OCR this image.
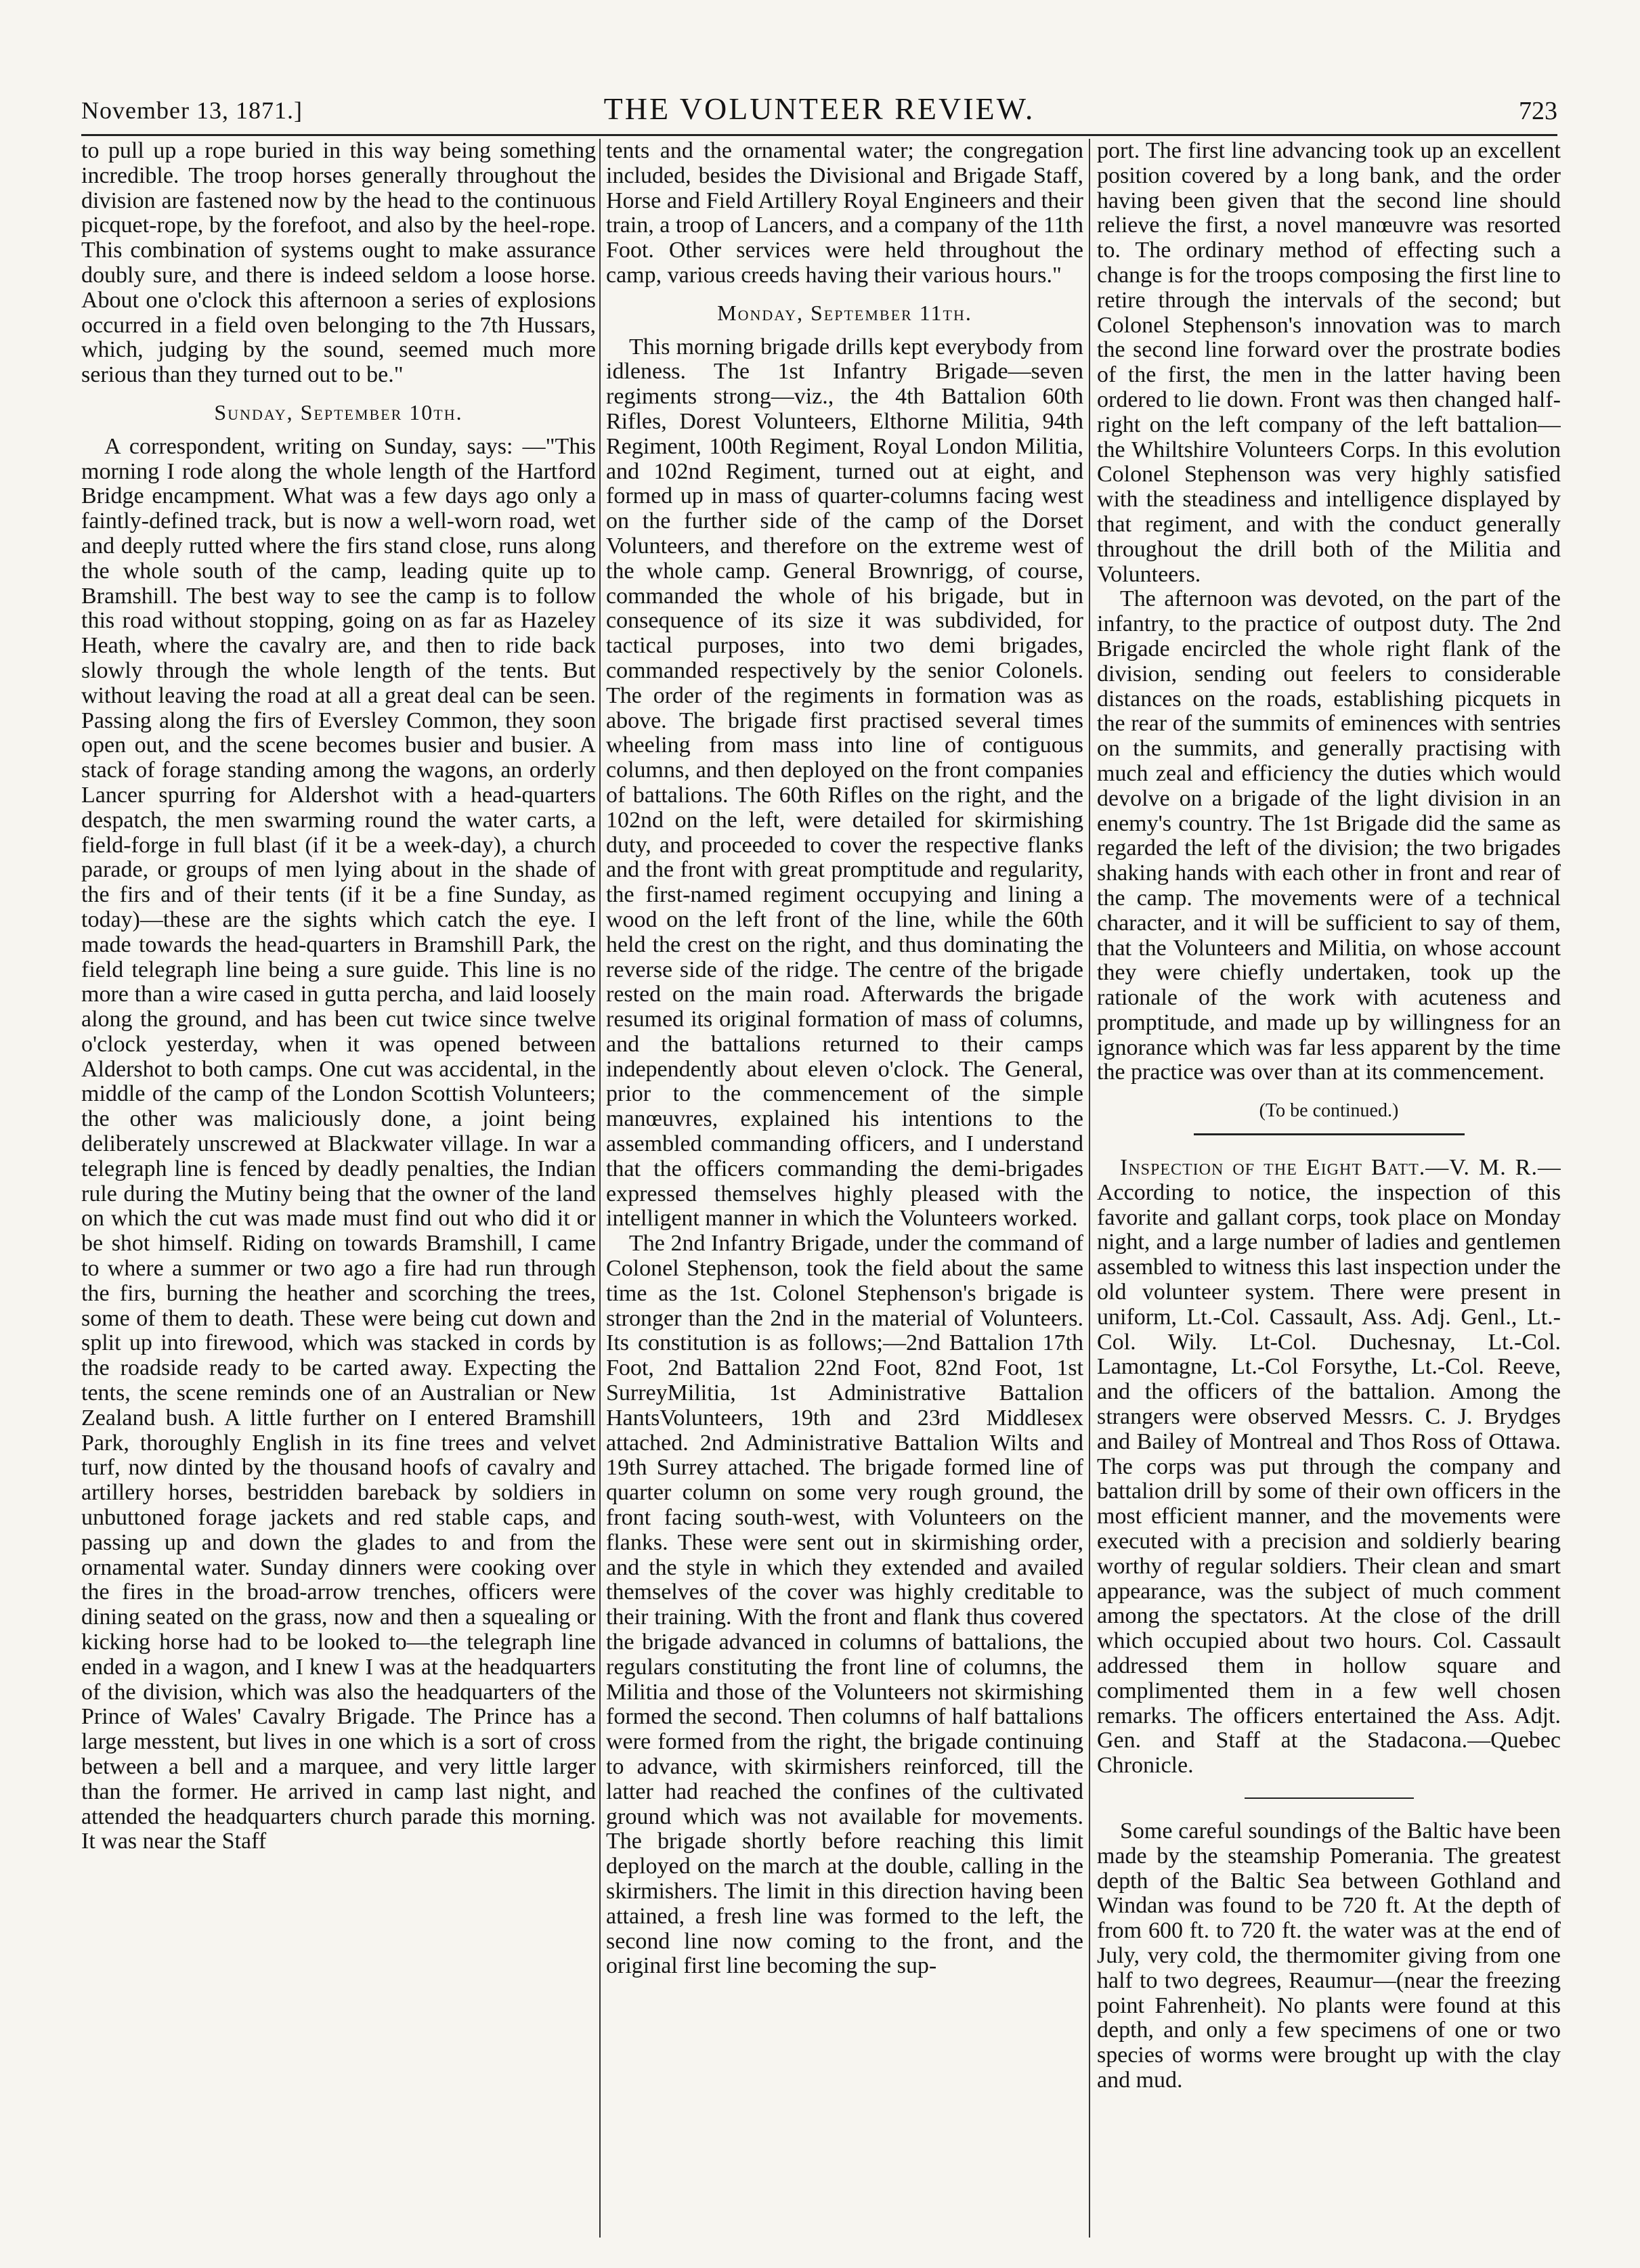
November 13, 1871.]	THE VOLUNTEER REVIEW.	723

to pull up a rope buried in this way being something incredible. The troop horses generally throughout the division are fastened now by the head to the continuous picquet-rope, by the forefoot, and also by the heel-rope. This combination of systems ought to make assurance doubly sure, and there is indeed seldom a loose horse. About one o'clock this afternoon a series of explosions occurred in a field oven belonging to the 7th Hussars, which, judging by the sound, seemed much more serious than they turned out to be."

Sunday, September 10th.

A correspondent, writing on Sunday, says: —"This morning I rode along the whole length of the Hartford Bridge encampment. What was a few days ago only a faintly-defined track, but is now a well-worn road, wet and deeply rutted where the firs stand close, runs along the whole south of the camp, leading quite up to Bramshill. The best way to see the camp is to follow this road without stopping, going on as far as Hazeley Heath, where the cavalry are, and then to ride back slowly through the whole length of the tents. But without leaving the road at all a great deal can be seen. Passing along the firs of Eversley Common, they soon open out, and the scene becomes busier and busier. A stack of forage standing among the wagons, an orderly Lancer spurring for Aldershot with a head-quarters despatch, the men swarming round the water carts, a field-forge in full blast (if it be a week-day), a church parade, or groups of men lying about in the shade of the firs and of their tents (if it be a fine Sunday, as today)—these are the sights which catch the eye. I made towards the head-quarters in Bramshill Park, the field telegraph line being a sure guide. This line is no more than a wire cased in gutta percha, and laid loosely along the ground, and has been cut twice since twelve o'clock yesterday, when it was opened between Aldershot to both camps. One cut was accidental, in the middle of the camp of the London Scottish Volunteers; the other was maliciously done, a joint being deliberately unscrewed at Blackwater village. In war a telegraph line is fenced by deadly penalties, the Indian rule during the Mutiny being that the owner of the land on which the cut was made must find out who did it or be shot himself. Riding on towards Bramshill, I came to where a summer or two ago a fire had run through the firs, burning the heather and scorching the trees, some of them to death. These were being cut down and split up into firewood, which was stacked in cords by the roadside ready to be carted away. Expecting the tents, the scene reminds one of an Australian or New Zealand bush. A little further on I entered Bramshill Park, thoroughly English in its fine trees and velvet turf, now dinted by the thousand hoofs of cavalry and artillery horses, bestridden bareback by soldiers in unbuttoned forage jackets and red stable caps, and passing up and down the glades to and from the ornamental water. Sunday dinners were cooking over the fires in the broad-arrow trenches, officers were dining seated on the grass, now and then a squealing or kicking horse had to be looked to—the telegraph line ended in a wagon, and I knew I was at the headquarters of the division, which was also the headquarters of the Prince of Wales' Cavalry Brigade. The Prince has a large messtent, but lives in one which is a sort of cross between a bell and a marquee, and very little larger than the former. He arrived in camp last night, and attended the headquarters church parade this morning. It was near the Staff

tents and the ornamental water; the congregation included, besides the Divisional and Brigade Staff, Horse and Field Artillery Royal Engineers and their train, a troop of Lancers, and a company of the 11th Foot. Other services were held throughout the camp, various creeds having their various hours."

Monday, September 11th.

This morning brigade drills kept everybody from idleness. The 1st Infantry Brigade—seven regiments strong—viz., the 4th Battalion 60th Rifles, Dorest Volunteers, Elthorne Militia, 94th Regiment, 100th Regiment, Royal London Militia, and 102nd Regiment, turned out at eight, and formed up in mass of quarter-columns facing west on the further side of the camp of the Dorset Volunteers, and therefore on the extreme west of the whole camp. General Brownrigg, of course, commanded the whole of his brigade, but in consequence of its size it was subdivided, for tactical purposes, into two demi brigades, commanded respectively by the senior Colonels. The order of the regiments in formation was as above. The brigade first practised several times wheeling from mass into line of contiguous columns, and then deployed on the front companies of battalions. The 60th Rifles on the right, and the 102nd on the left, were detailed for skirmishing duty, and proceeded to cover the respective flanks and the front with great promptitude and regularity, the first-named regiment occupying and lining a wood on the left front of the line, while the 60th held the crest on the right, and thus dominating the reverse side of the ridge. The centre of the brigade rested on the main road. Afterwards the brigade resumed its original formation of mass of columns, and the battalions returned to their camps independently about eleven o'clock. The General, prior to the commencement of the simple manœuvres, explained his intentions to the assembled commanding officers, and I understand that the officers commanding the demi-brigades expressed themselves highly pleased with the intelligent manner in which the Volunteers worked.

The 2nd Infantry Brigade, under the command of Colonel Stephenson, took the field about the same time as the 1st. Colonel Stephenson's brigade is stronger than the 2nd in the material of Volunteers. Its constitution is as follows;—2nd Battalion 17th Foot, 2nd Battalion 22nd Foot, 82nd Foot, 1st SurreyMilitia, 1st Administrative Battalion HantsVolunteers, 19th and 23rd Middlesex attached. 2nd Administrative Battalion Wilts and 19th Surrey attached. The brigade formed line of quarter column on some very rough ground, the front facing south-west, with Volunteers on the flanks. These were sent out in skirmishing order, and the style in which they extended and availed themselves of the cover was highly creditable to their training. With the front and flank thus covered the brigade advanced in columns of battalions, the regulars constituting the front line of columns, the Militia and those of the Volunteers not skirmishing formed the second. Then columns of half battalions were formed from the right, the brigade continuing to advance, with skirmishers reinforced, till the latter had reached the confines of the cultivated ground which was not available for movements. The brigade shortly before reaching this limit deployed on the march at the double, calling in the skirmishers. The limit in this direction having been attained, a fresh line was formed to the left, the second line now coming to the front, and the original first line becoming the sup-

port. The first line advancing took up an excellent position covered by a long bank, and the order having been given that the second line should relieve the first, a novel manœuvre was resorted to. The ordinary method of effecting such a change is for the troops composing the first line to retire through the intervals of the second; but Colonel Stephenson's innovation was to march the second line forward over the prostrate bodies of the first, the men in the latter having been ordered to lie down. Front was then changed half-right on the left company of the left battalion—the Whiltshire Volunteers Corps. In this evolution Colonel Stephenson was very highly satisfied with the steadiness and intelligence displayed by that regiment, and with the conduct generally throughout the drill both of the Militia and Volunteers.

The afternoon was devoted, on the part of the infantry, to the practice of outpost duty. The 2nd Brigade encircled the whole right flank of the division, sending out feelers to considerable distances on the roads, establishing picquets in the rear of the summits of eminences with sentries on the summits, and generally practising with much zeal and efficiency the duties which would devolve on a brigade of the light division in an enemy's country. The 1st Brigade did the same as regarded the left of the division; the two brigades shaking hands with each other in front and rear of the camp. The movements were of a technical character, and it will be sufficient to say of them, that the Volunteers and Militia, on whose account they were chiefly undertaken, took up the rationale of the work with acuteness and promptitude, and made up by willingness for an ignorance which was far less apparent by the time the practice was over than at its commencement.

(To be continued.)

Inspection of the Eight Batt.—V. M. R.—According to notice, the inspection of this favorite and gallant corps, took place on Monday night, and a large number of ladies and gentlemen assembled to witness this last inspection under the old volunteer system. There were present in uniform, Lt.-Col. Cassault, Ass. Adj. Genl., Lt.-Col. Wily. Lt-Col. Duchesnay, Lt.-Col. Lamontagne, Lt.-Col Forsythe, Lt.-Col. Reeve, and the officers of the battalion. Among the strangers were observed Messrs. C. J. Brydges and Bailey of Montreal and Thos Ross of Ottawa. The corps was put through the company and battalion drill by some of their own officers in the most efficient manner, and the movements were executed with a precision and soldierly bearing worthy of regular soldiers. Their clean and smart appearance, was the subject of much comment among the spectators. At the close of the drill which occupied about two hours. Col. Cassault addressed them in hollow square and complimented them in a few well chosen remarks. The officers entertained the Ass. Adjt. Gen. and Staff at the Stadacona.—Quebec Chronicle.

Some careful soundings of the Baltic have been made by the steamship Pomerania. The greatest depth of the Baltic Sea between Gothland and Windan was found to be 720 ft. At the depth of from 600 ft. to 720 ft. the water was at the end of July, very cold, the thermomiter giving from one half to two degrees, Reaumur—(near the freezing point Fahrenheit). No plants were found at this depth, and only a few specimens of one or two species of worms were brought up with the clay and mud.
